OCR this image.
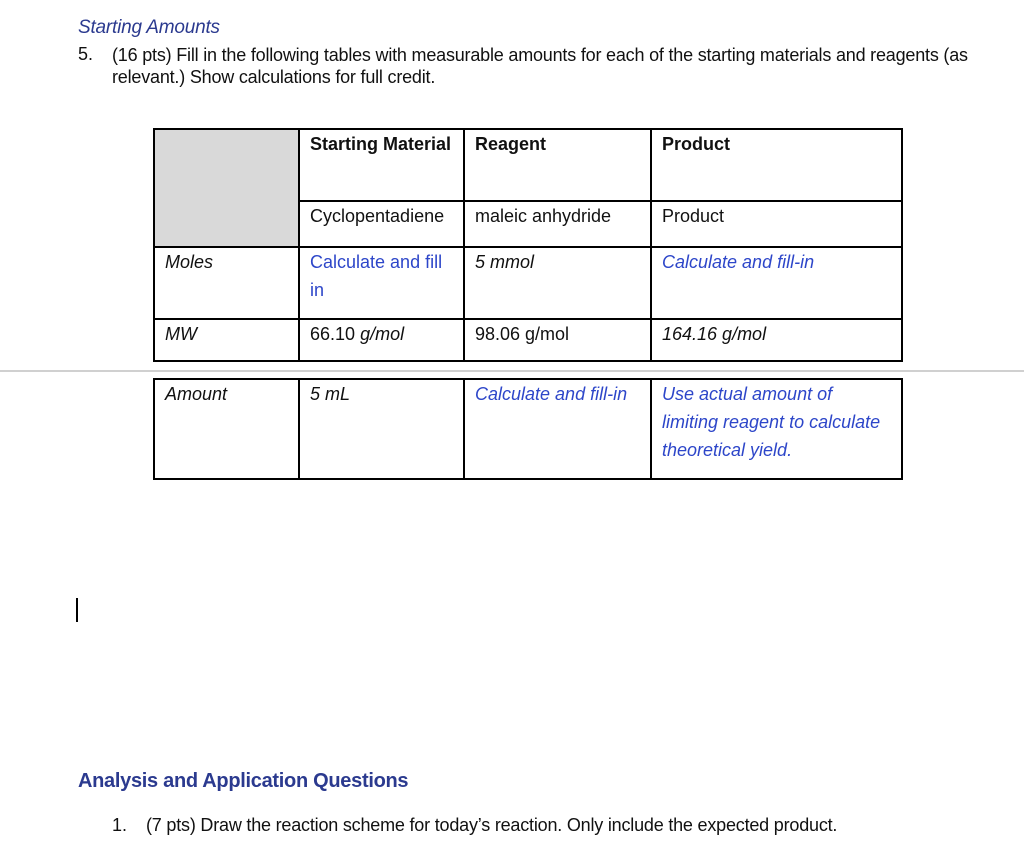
Starting Amounts
5. (16 pts) Fill in the following tables with measurable amounts for each of the starting materials and reagents (as relevant.) Show calculations for full credit.
	Starting Material	Reagent	Product
	Cyclopentadiene	maleic anhydride	Product
Moles	Calculate and fill in	5 mmol	Calculate and fill-in
MW	66.10 g/mol	98.06 g/mol	164.16 g/mol
Amount	5 mL	Calculate and fill-in	Use actual amount of limiting reagent to calculate theoretical yield.
Analysis and Application Questions
1. (7 pts) Draw the reaction scheme for today’s reaction. Only include the expected product.
